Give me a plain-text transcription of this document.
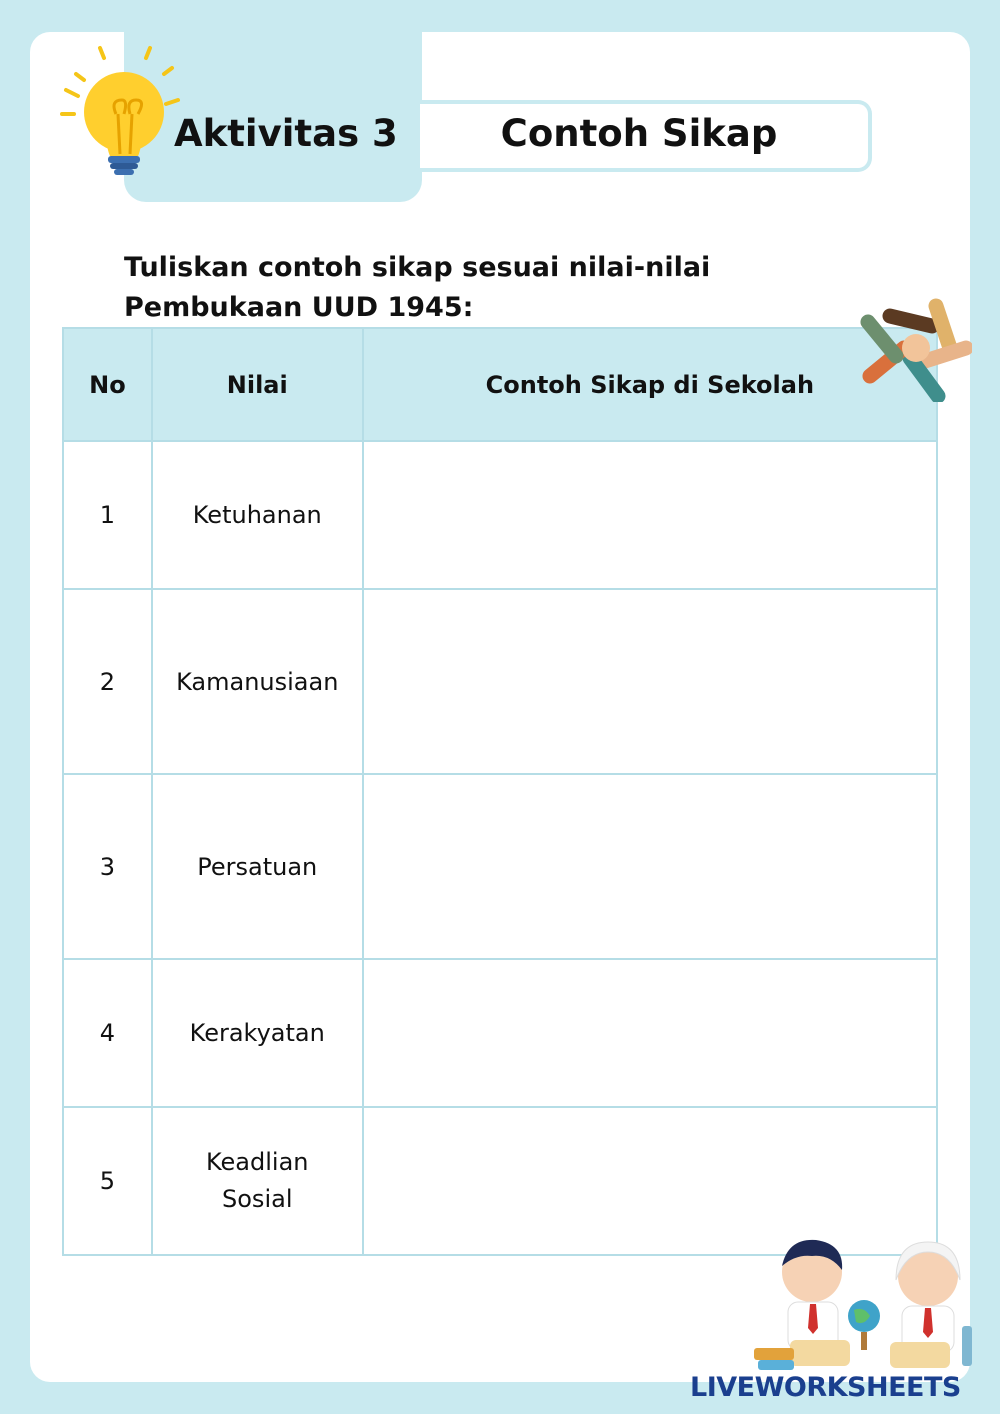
Aktivitas 3	Contoh Sikap
Tuliskan contoh sikap sesuai nilai-nilai Pembukaan UUD 1945:
No	Nilai	Contoh Sikap di Sekolah
1	Ketuhanan	
2	Kamanusiaan	
3	Persatuan	
4	Kerakyatan	
5	Keadlian Sosial	
LIVEWORKSHEETS
